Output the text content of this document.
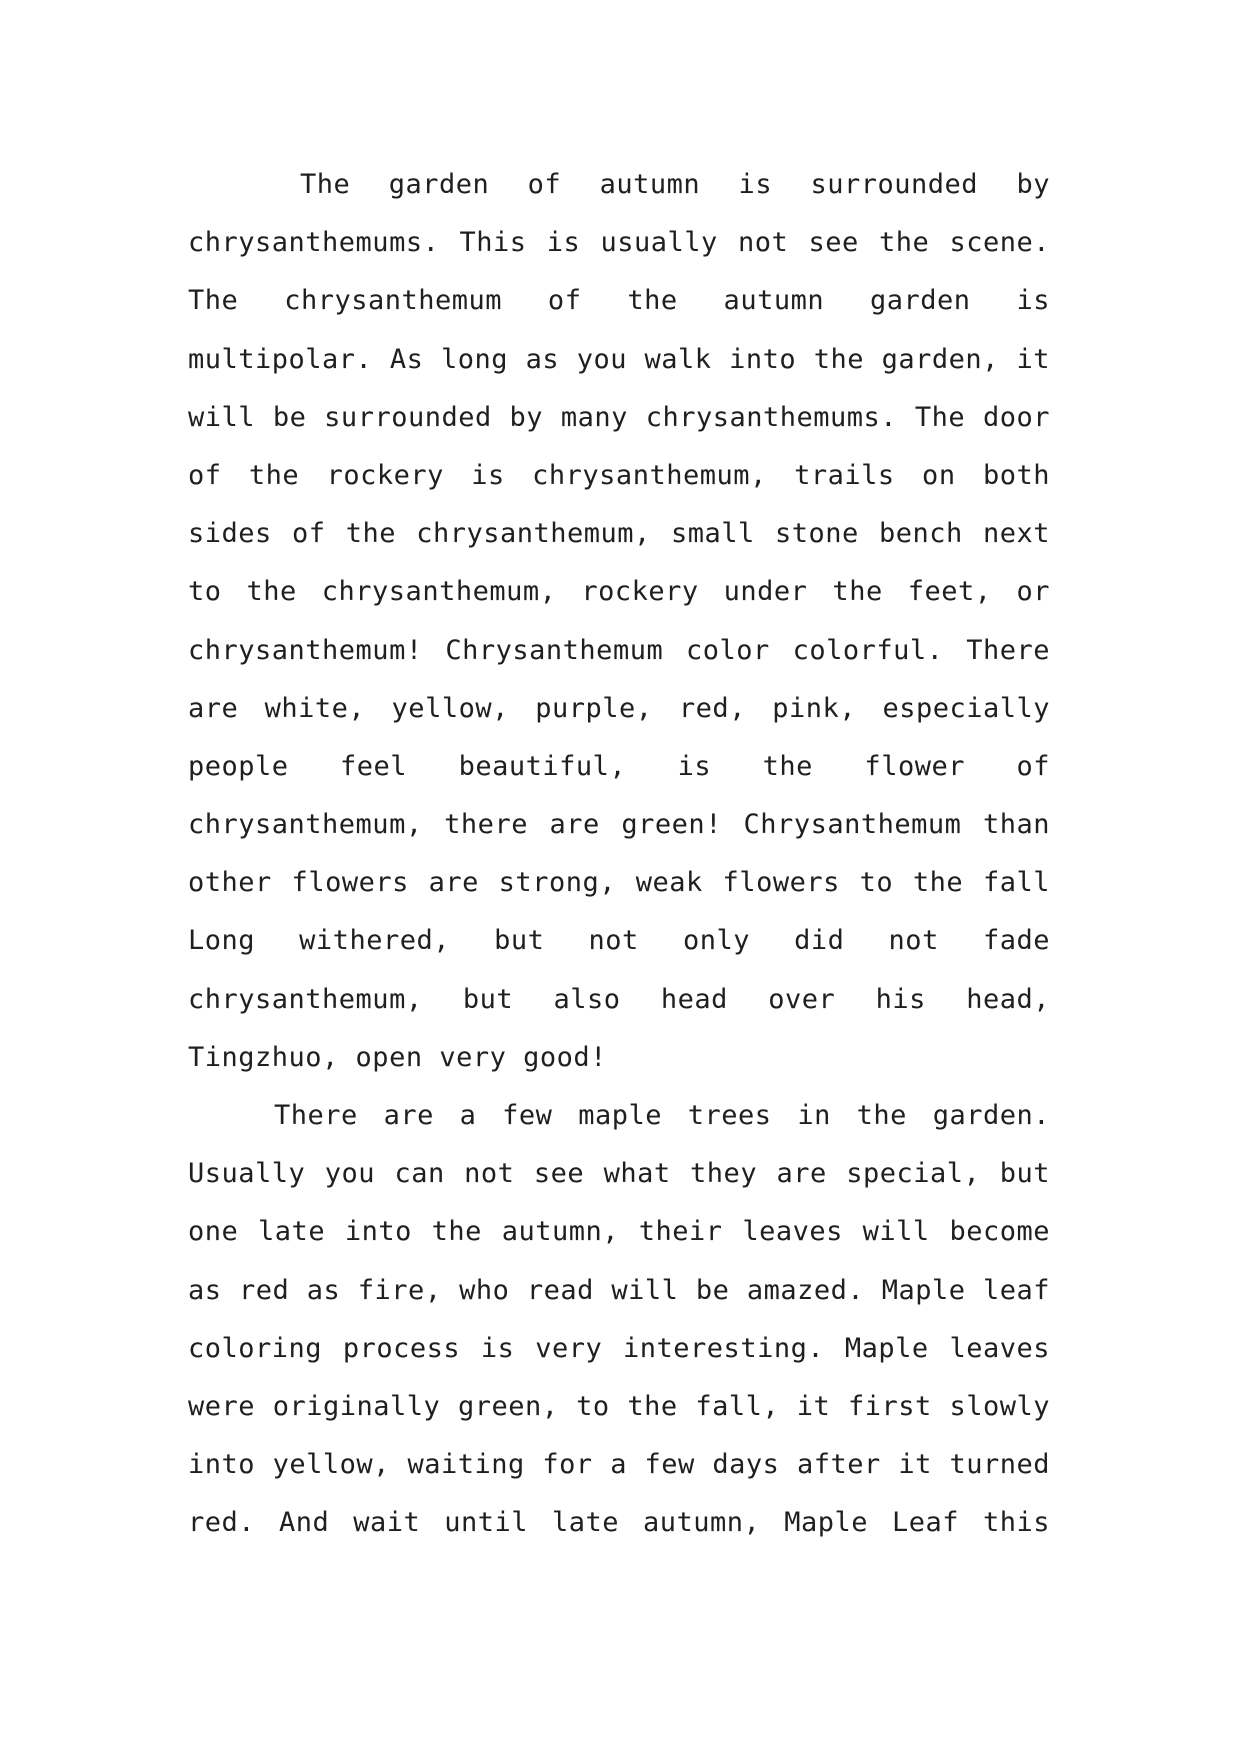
The garden of autumn is surrounded by
chrysanthemums. This is usually not see the scene.
The chrysanthemum of the autumn garden is
multipolar. As long as you walk into the garden, it
will be surrounded by many chrysanthemums. The door
of the rockery is chrysanthemum, trails on both
sides of the chrysanthemum, small stone bench next
to the chrysanthemum, rockery under the feet, or
chrysanthemum! Chrysanthemum color colorful. There
are white, yellow, purple, red, pink, especially
people feel beautiful, is the flower of
chrysanthemum, there are green! Chrysanthemum than
other flowers are strong, weak flowers to the fall
Long withered, but not only did not fade
chrysanthemum, but also head over his head,
Tingzhuo, open very good!
There are a few maple trees in the garden.
Usually you can not see what they are special, but
one late into the autumn, their leaves will become
as red as fire, who read will be amazed. Maple leaf
coloring process is very interesting. Maple leaves
were originally green, to the fall, it first slowly
into yellow, waiting for a few days after it turned
red. And wait until late autumn, Maple Leaf this
